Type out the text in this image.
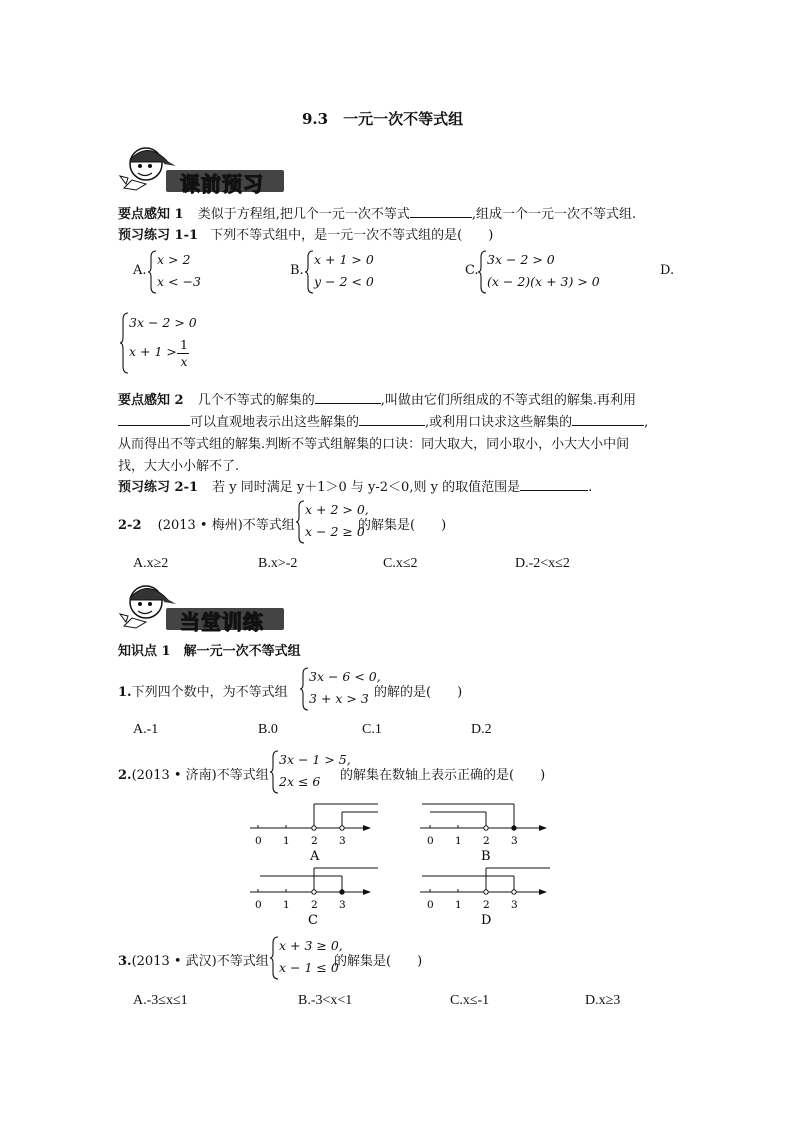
9.3　一元一次不等式组
课前预习
要点感知 1 类似于方程组,把几个一元一次不等式	,组成一个一元一次不等式组.
预习练习 1-1 下列不等式组中，是一元一次不等式组的是(　　)
A.
x > 2
x < −3
B.
x + 1 > 0
y − 2 < 0
C.
3x − 2 > 0
(x − 2)(x + 3) > 0
D.
3x − 2 > 0
x + 1 > 1
x
要点感知 2 几个不等式的解集的	,叫做由它们所组成的不等式组的解集.再利用
可以直观地表示出这些解集的	,或利用口诀求这些解集的	,
从而得出不等式组的解集.判断不等式组解集的口诀：同大取大，同小取小，小大大小中间
找，大大小小解不了.
预习练习 2-1 若 y 同时满足 y＋1＞0 与 y-2＜0,则 y 的取值范围是	.
2-2 (2013 • 梅州)不等式组
x + 2 > 0,
x − 2 ≥ 0
的解集是(　　)
A.x≥2	B.x>-2	C.x≤2	D.-2<x≤2
当堂训练
知识点 1　解一元一次不等式组
1.下列四个数中，为不等式组
3x − 6 < 0,
3 + x > 3 的解的是(　　)
A.-1	B.0	C.1	D.2
2.(2013 • 济南)不等式组
3x − 1 > 5,
2x ≤ 6 的解集在数轴上表示正确的是(　　)
0 1 2 3
A
0 1 2 3
B
0 1 2 3
C
0 1 2 3
D
3.(2013 • 武汉)不等式组
x + 3 ≥ 0,
x − 1 ≤ 0
的解集是(　　)
A.-3≤x≤1	B.-3<x<1	C.x≤-1	D.x≥3
